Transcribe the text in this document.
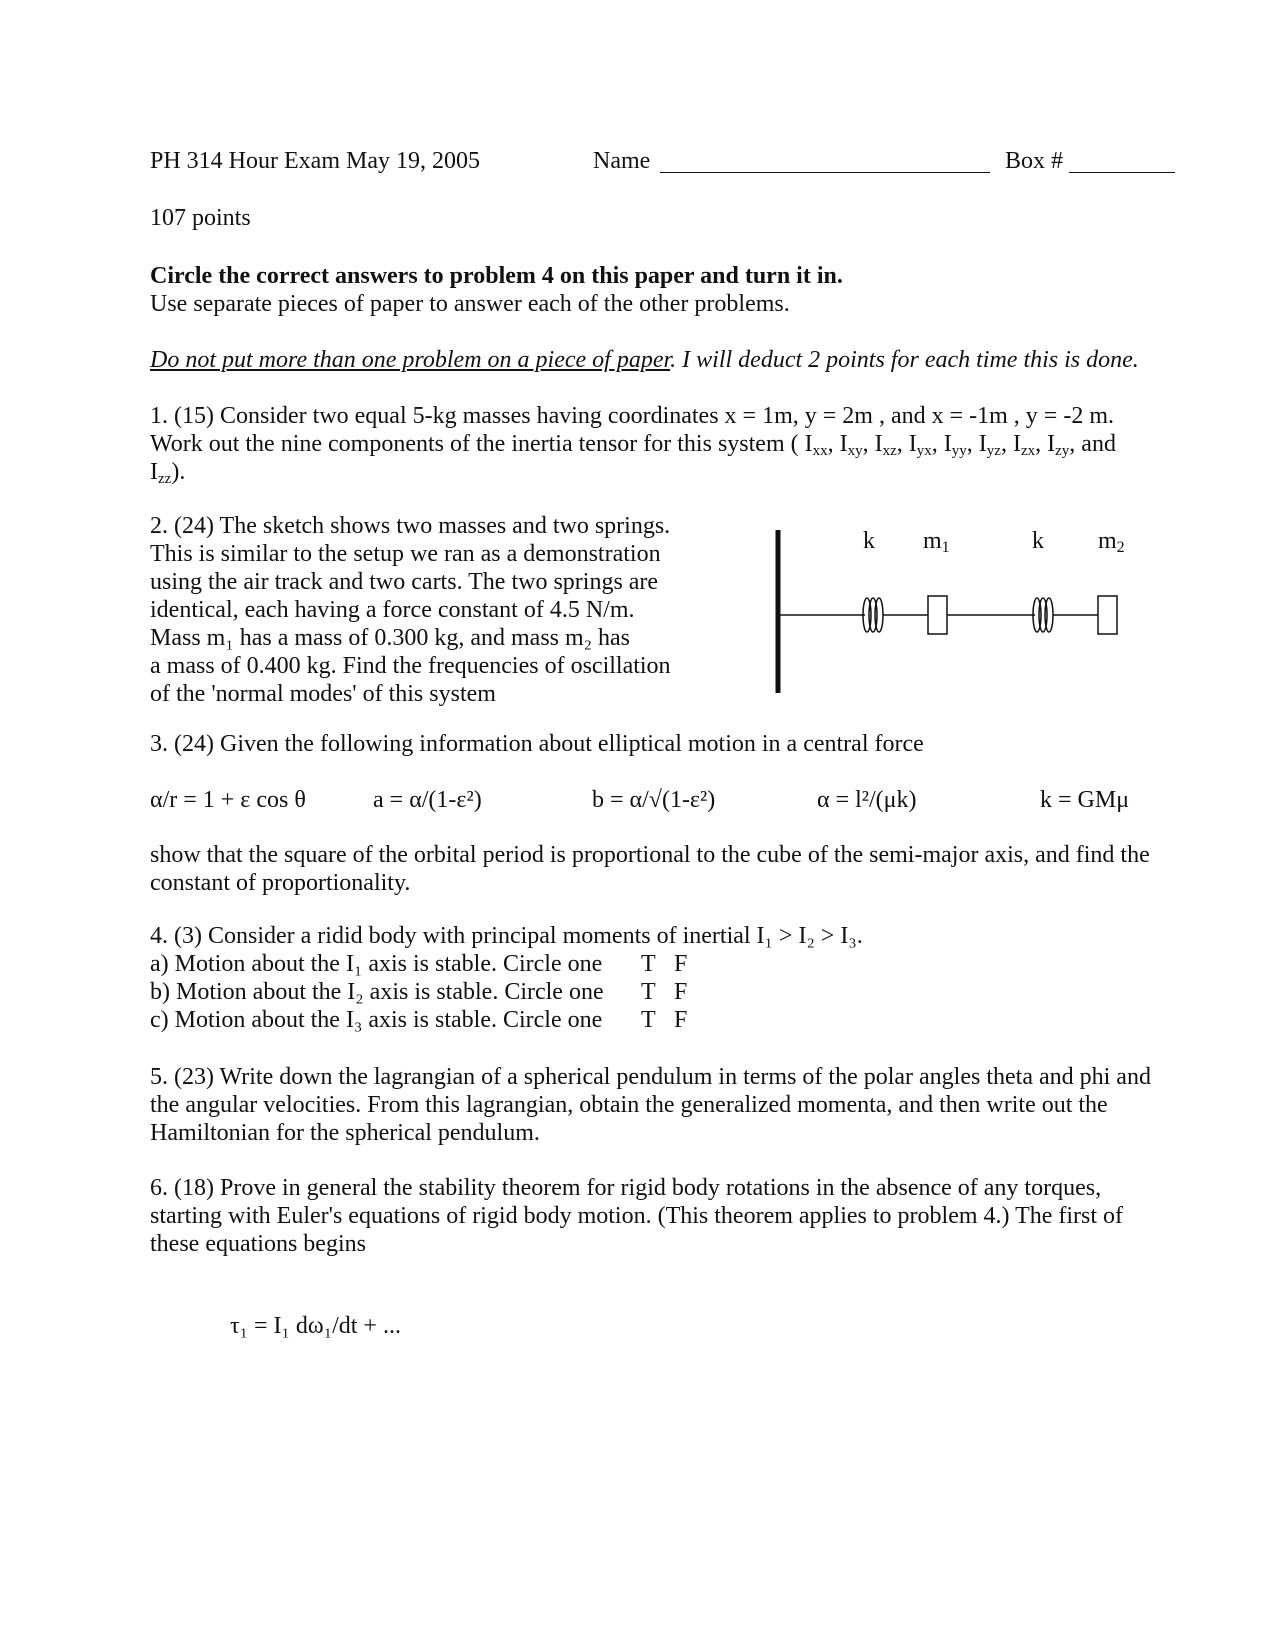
PH 314 Hour Exam May 19, 2005	Name	Box #
107 points
Circle the correct answers to problem 4 on this paper and turn it in.
Use separate pieces of paper to answer each of the other problems.
Do not put more than one problem on a piece of paper. I will deduct 2 points for each time this is done.
1. (15) Consider two equal 5-kg masses having coordinates x = 1m, y = 2m , and x = -1m , y = -2 m.
Work out the nine components of the inertia tensor for this system ( $I_{xx}$, $I_{xy}$, $I_{xz}$, $I_{yx}$, $I_{yy}$, $I_{yz}$, $I_{zx}$, $I_{zy}$, and
$I_{zz}$).
2. (24) The sketch shows two masses and two springs.
This is similar to the setup we ran as a demonstration
using the air track and two carts. The two springs are
identical, each having a force constant of 4.5 N/m.
Mass m₁ has a mass of 0.300 kg, and mass m₂ has
a mass of 0.400 kg. Find the frequencies of oscillation
of the 'normal modes' of this system
k $m_1$	k $m_2$
3. (24) Given the following information about elliptical motion in a central force
α/r = 1 + ε cos θ	a = α/(1-ε²)	b = α/√(1-ε²)	α = l²/(μk)	k = GMμ
show that the square of the orbital period is proportional to the cube of the semi-major axis, and find the
constant of proportionality.
4. (3) Consider a ridid body with principal moments of inertial I₁ > I₂ > I₃.
a) Motion about the I₁ axis is stable. Circle one T F
b) Motion about the I₂ axis is stable. Circle one T F
c) Motion about the I₃ axis is stable. Circle one T F
5. (23) Write down the lagrangian of a spherical pendulum in terms of the polar angles theta and phi and
the angular velocities. From this lagrangian, obtain the generalized momenta, and then write out the
Hamiltonian for the spherical pendulum.
6. (18) Prove in general the stability theorem for rigid body rotations in the absence of any torques,
starting with Euler's equations of rigid body motion. (This theorem applies to problem 4.) The first of
these equations begins
τ₁ = I₁ dω₁/dt + ...
